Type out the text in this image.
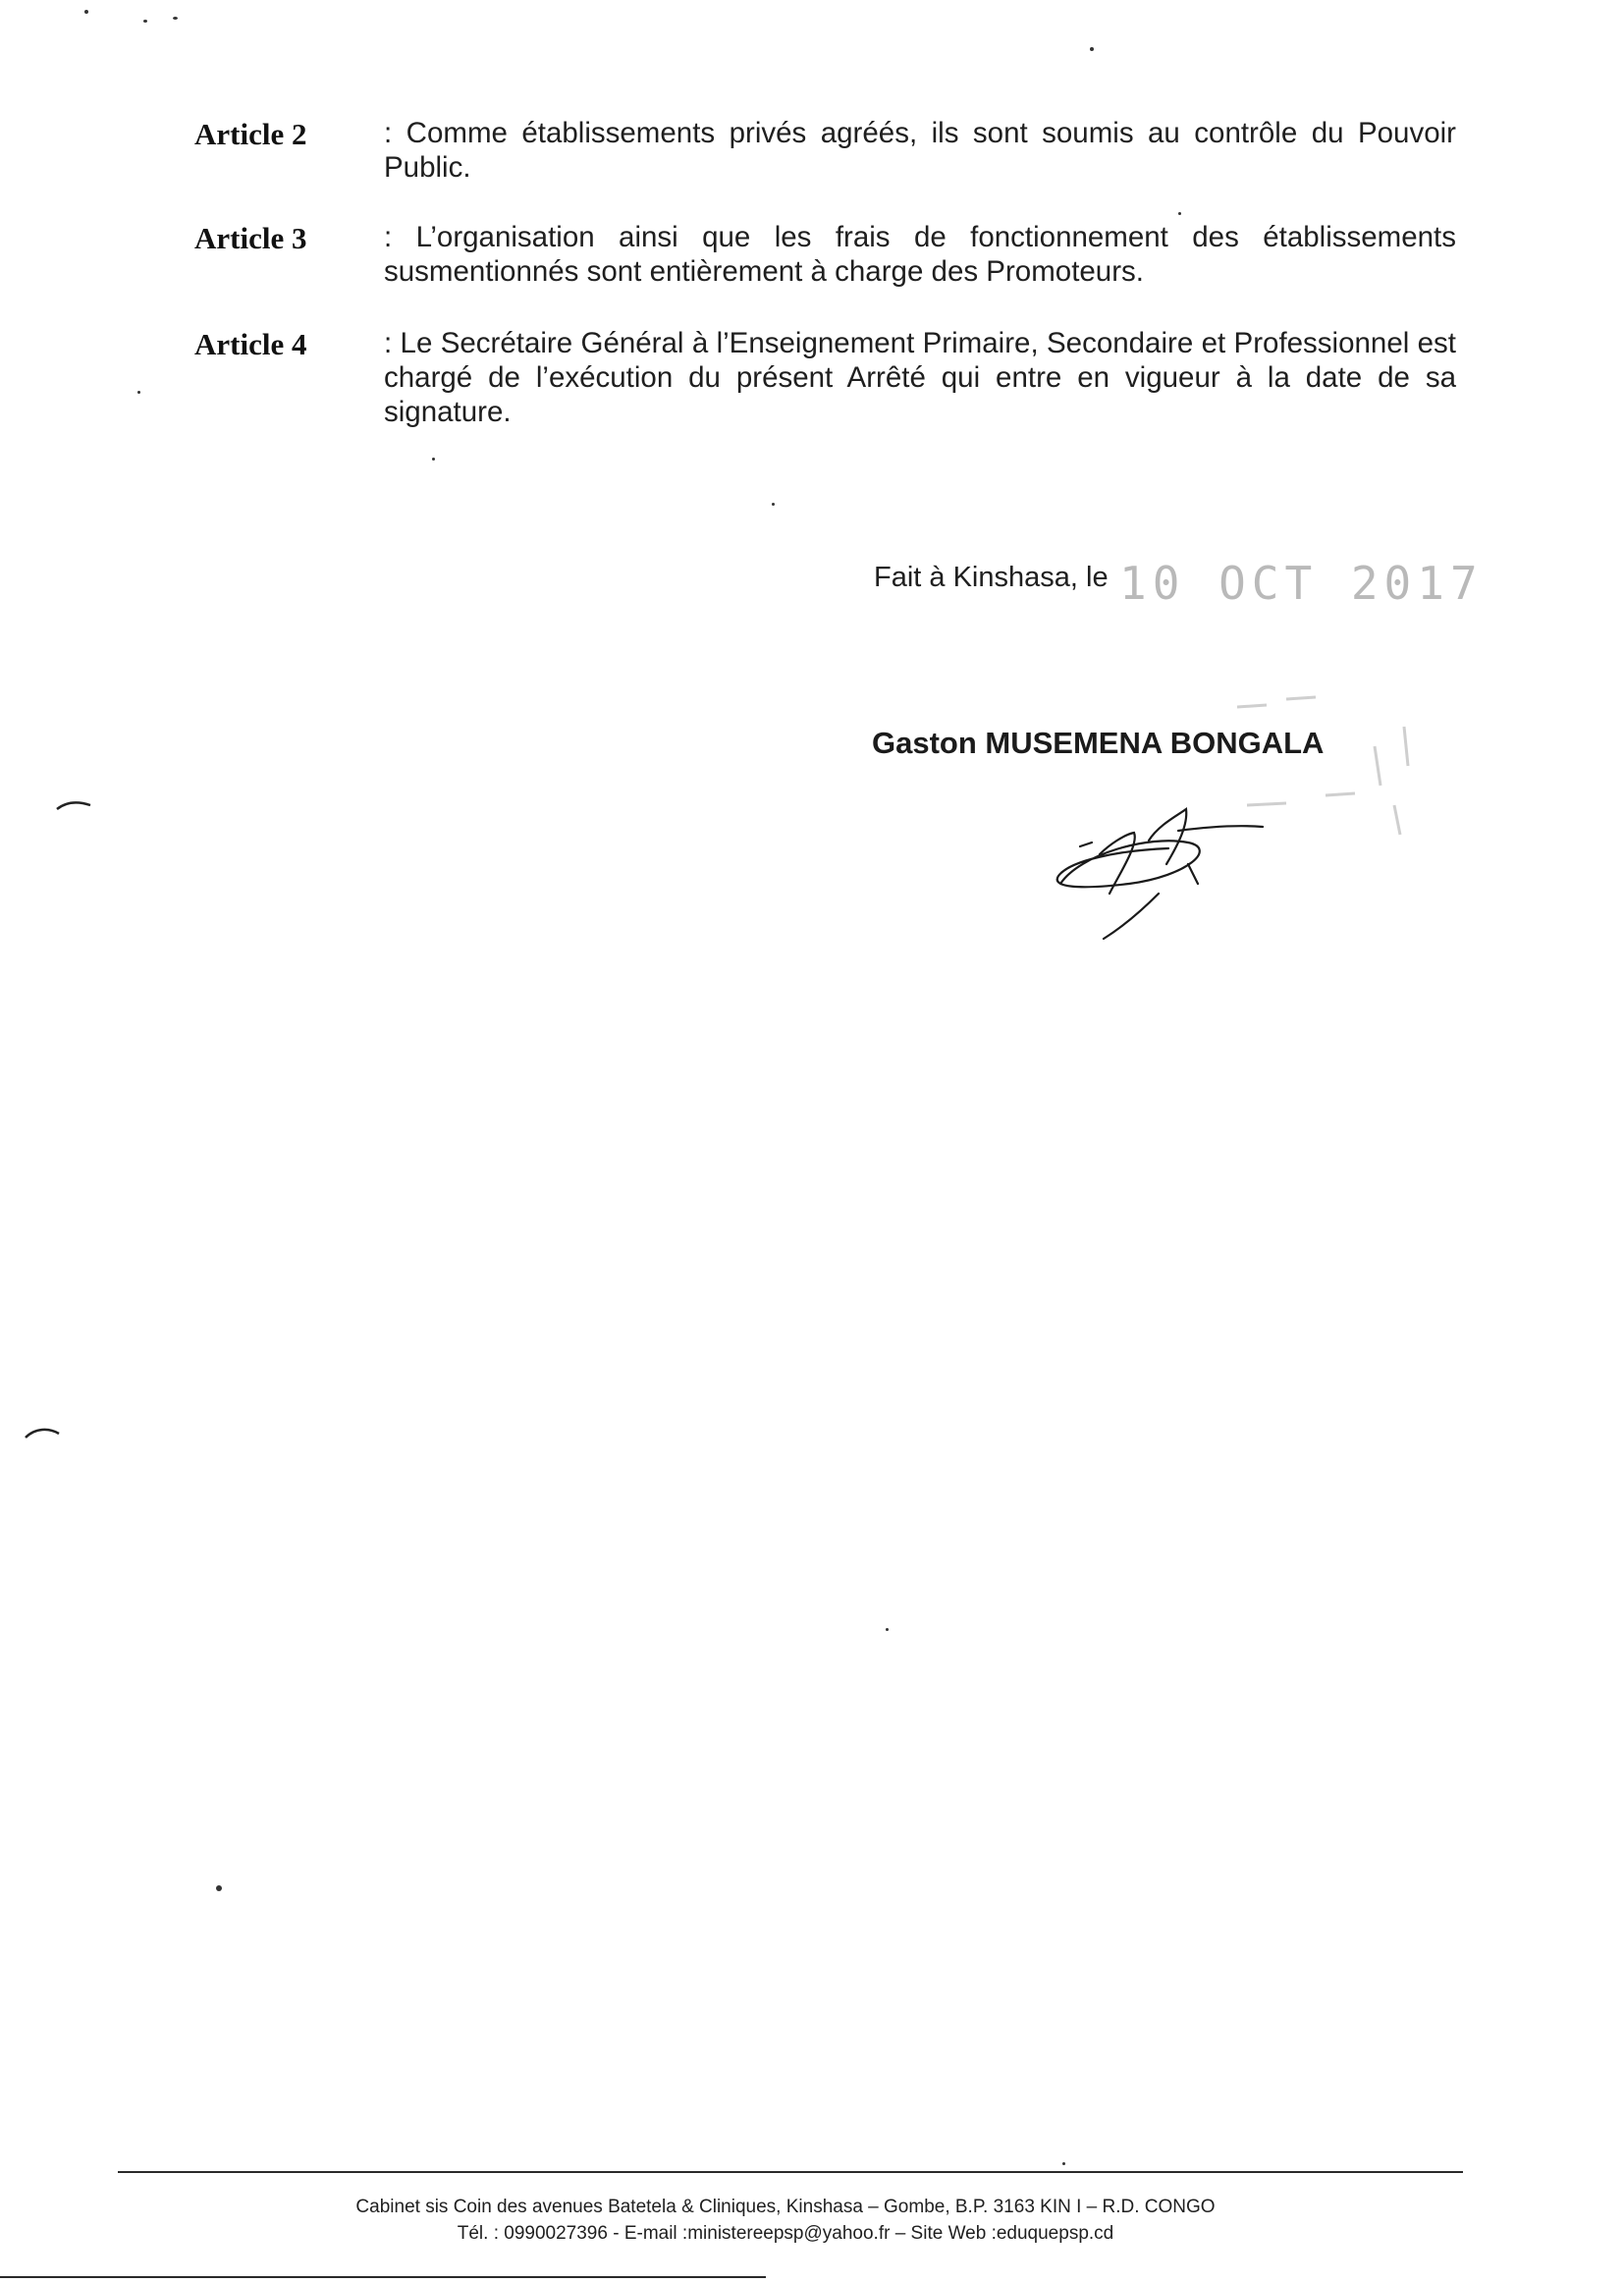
Article 2	: Comme établissements privés agréés, ils sont soumis au contrôle du Pouvoir Public.
Article 3	: L’organisation ainsi que les frais de fonctionnement des établissements susmentionnés sont entièrement à charge des Promoteurs.
Article 4	: Le Secrétaire Général à l’Enseignement Primaire, Secondaire et Professionnel est chargé de l’exécution du présent Arrêté qui entre en vigueur à la date de sa signature.
Fait à Kinshasa, le 10 OCT 2017
Gaston MUSEMENA BONGALA
Cabinet sis Coin des avenues Batetela & Cliniques, Kinshasa – Gombe, B.P. 3163 KIN I – R.D. CONGO
Tél. : 0990027396 - E-mail :ministereepsp@yahoo.fr – Site Web :eduquepsp.cd
